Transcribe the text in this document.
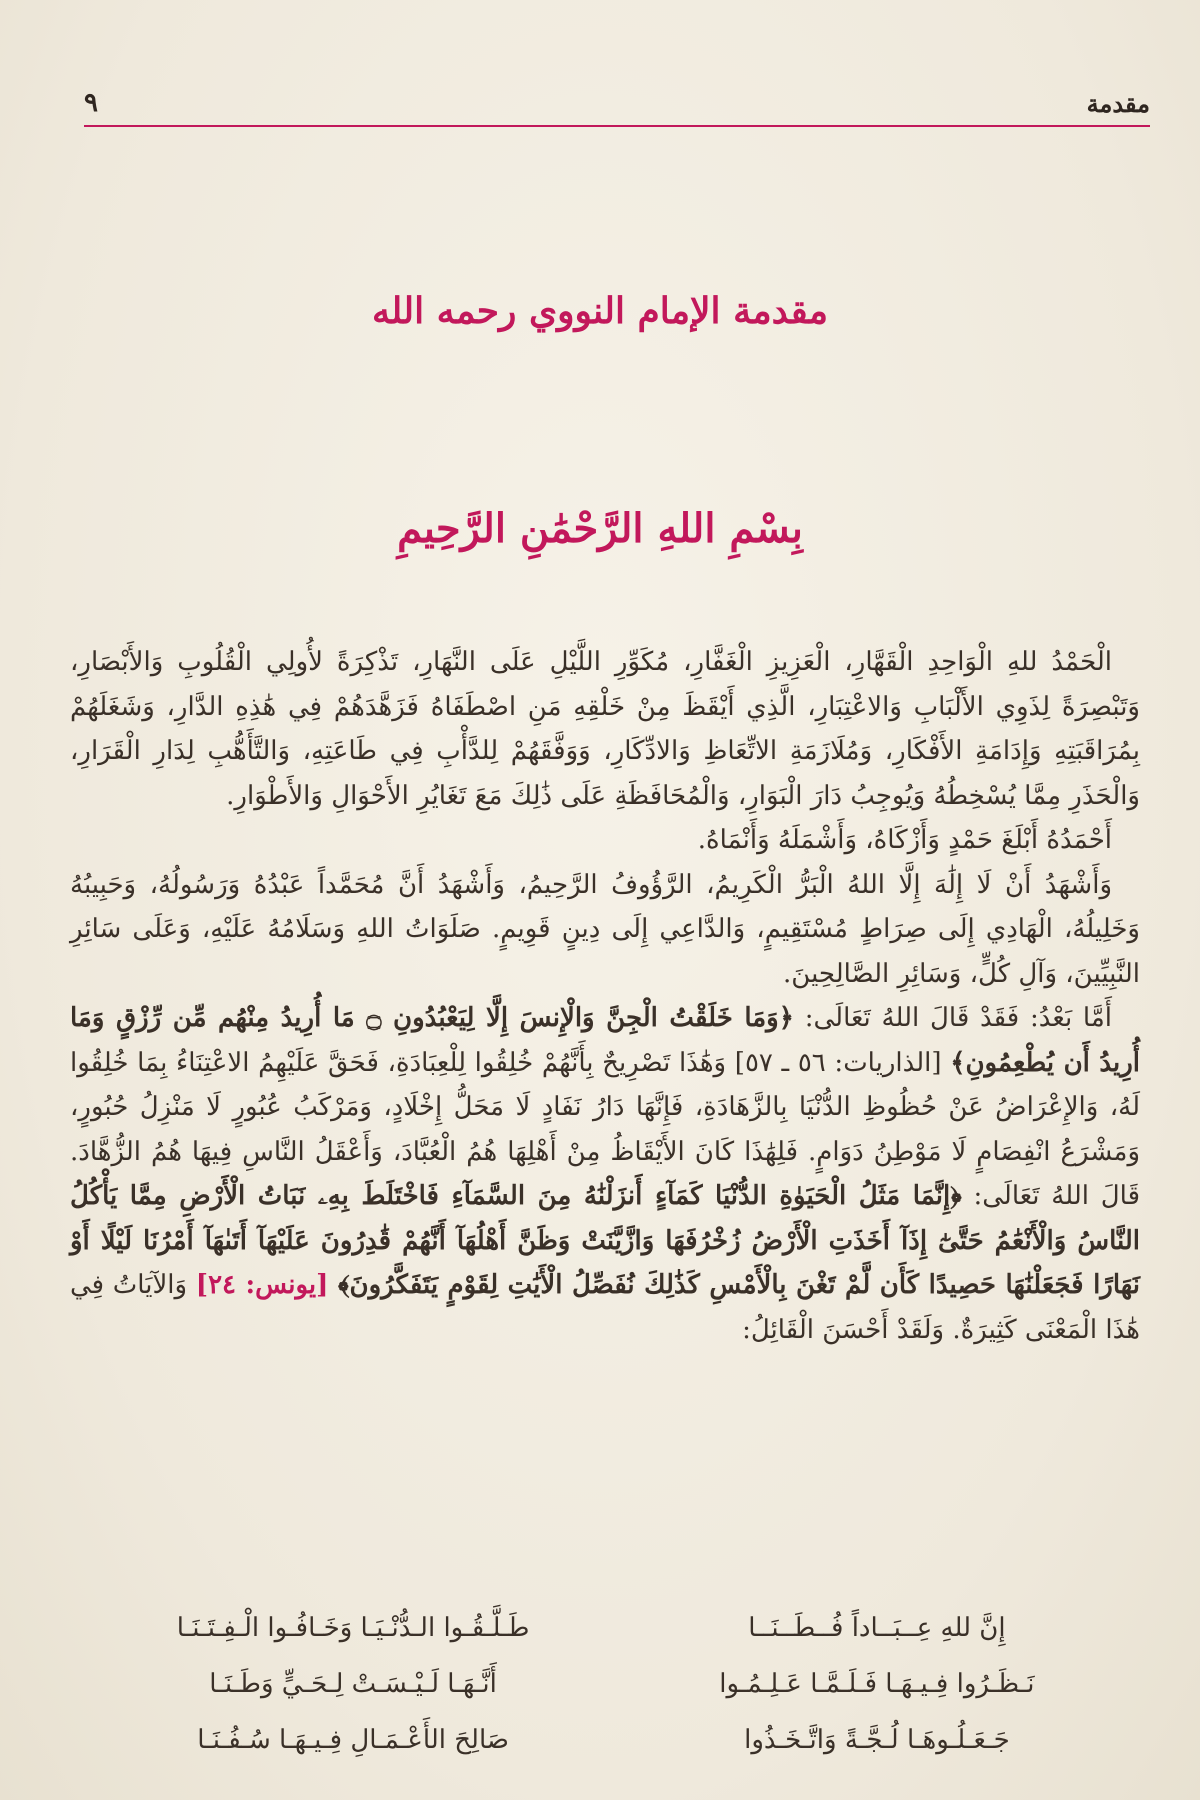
مقدمة
٩
مقدمة الإمام النووي رحمه الله
بِسْمِ اللهِ الرَّحْمَٰنِ الرَّحِيمِ

الْحَمْدُ للهِ الْوَاحِدِ الْقَهَّارِ، الْعَزِيزِ الْغَفَّارِ، مُكَوِّرِ اللَّيْلِ عَلَى النَّهَارِ، تَذْكِرَةً لأُولِي الْقُلُوبِ وَالأَبْصَارِ، وَتَبْصِرَةً لِذَوِي الأَلْبَابِ وَالاعْتِبَارِ، الَّذِي أَيْقَظَ مِنْ خَلْقِهِ مَنِ اصْطَفَاهُ فَزَهَّدَهُمْ فِي هَٰذِهِ الدَّارِ، وَشَغَلَهُمْ بِمُرَاقَبَتِهِ وَإِدَامَةِ الأَفْكَارِ، وَمُلَازَمَةِ الاتِّعَاظِ وَالادِّكَارِ، وَوَفَّقَهُمْ لِلدَّأْبِ فِي طَاعَتِهِ، وَالتَّأَهُّبِ لِدَارِ الْقَرَارِ، وَالْحَذَرِ مِمَّا يُسْخِطُهُ وَيُوجِبُ دَارَ الْبَوَارِ، وَالْمُحَافَظَةِ عَلَى ذَٰلِكَ مَعَ تَغَايُرِ الأَحْوَالِ وَالأَطْوَارِ.

أَحْمَدُهُ أَبْلَغَ حَمْدٍ وَأَزْكَاهُ، وَأَشْمَلَهُ وَأَنْمَاهُ.

وَأَشْهَدُ أَنْ لَا إِلَٰهَ إِلَّا اللهُ الْبَرُّ الْكَرِيمُ، الرَّؤُوفُ الرَّحِيمُ، وَأَشْهَدُ أَنَّ مُحَمَّداً عَبْدُهُ وَرَسُولُهُ، وَحَبِيبُهُ وَخَلِيلُهُ، الْهَادِي إِلَى صِرَاطٍ مُسْتَقِيمٍ، وَالدَّاعِي إِلَى دِينٍ قَوِيمٍ. صَلَوَاتُ اللهِ وَسَلَامُهُ عَلَيْهِ، وَعَلَى سَائِرِ النَّبِيِّينَ، وَآلِ كُلٍّ، وَسَائِرِ الصَّالِحِينَ.

أَمَّا بَعْدُ: فَقَدْ قَالَ اللهُ تَعَالَى: ﴿وَمَا خَلَقْتُ الْجِنَّ وَالْإِنسَ إِلَّا لِيَعْبُدُونِ ۝ مَا أُرِيدُ مِنْهُم مِّن رِّزْقٍ وَمَا أُرِيدُ أَن يُطْعِمُونِ﴾ [الذاريات: ٥٦ ـ ٥٧] وَهَٰذَا تَصْرِيحٌ بِأَنَّهُمْ خُلِقُوا لِلْعِبَادَةِ، فَحَقَّ عَلَيْهِمُ الاعْتِنَاءُ بِمَا خُلِقُوا لَهُ، وَالإِعْرَاضُ عَنْ حُظُوظِ الدُّنْيَا بِالزَّهَادَةِ، فَإِنَّهَا دَارُ نَفَادٍ لَا مَحَلُّ إِخْلَادٍ، وَمَرْكَبُ عُبُورٍ لَا مَنْزِلُ حُبُورٍ، وَمَشْرَعُ انْفِصَامٍ لَا مَوْطِنُ دَوَامٍ. فَلِهَٰذَا كَانَ الأَيْقَاظُ مِنْ أَهْلِهَا هُمُ الْعُبَّادَ، وَأَعْقَلُ النَّاسِ فِيهَا هُمُ الزُّهَّادَ. قَالَ اللهُ تَعَالَى: ﴿إِنَّمَا مَثَلُ الْحَيَوٰةِ الدُّنْيَا كَمَآءٍ أَنزَلْنَٰهُ مِنَ السَّمَآءِ فَاخْتَلَطَ بِهِۦ نَبَاتُ الْأَرْضِ مِمَّا يَأْكُلُ النَّاسُ وَالْأَنْعَٰمُ حَتَّىٰٓ إِذَآ أَخَذَتِ الْأَرْضُ زُخْرُفَهَا وَازَّيَّنَتْ وَظَنَّ أَهْلُهَآ أَنَّهُمْ قَٰدِرُونَ عَلَيْهَآ أَتَىٰهَآ أَمْرُنَا لَيْلًا أَوْ نَهَارًا فَجَعَلْنَٰهَا حَصِيدًا كَأَن لَّمْ تَغْنَ بِالْأَمْسِ كَذَٰلِكَ نُفَصِّلُ الْأَيَٰتِ لِقَوْمٍ يَتَفَكَّرُونَ﴾ [يونس: ٢٤] وَالآيَاتُ فِي هَٰذَا الْمَعْنَى كَثِيرَةٌ. وَلَقَدْ أَحْسَنَ الْقَائِلُ:

إِنَّ للهِ عِــبَــاداً فُــطَــنَــا
طَـلَّـقُـوا الـدُّنْـيَـا وَخَـافُـوا الْـفِـتَـنَـا
نَـظَـرُوا فِـيـهَـا فَـلَـمَّـا عَـلِـمُـوا
أَنَّـهَـا لَـيْـسَـتْ لِـحَـيٍّ وَطَـنَـا
جَـعَـلُـوهَـا لُـجَّـةً وَاتَّـخَـذُوا
صَالِحَ الأَعْـمَـالِ فِـيـهَـا سُـفُـنَـا
